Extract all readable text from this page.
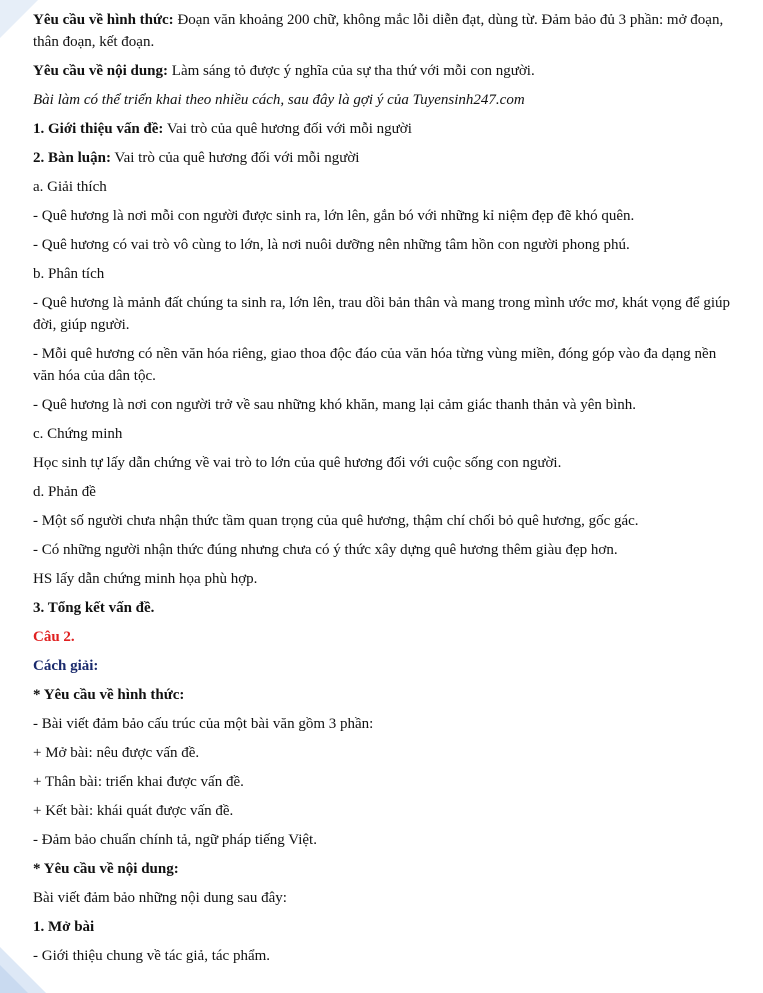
Yêu cầu về hình thức: Đoạn văn khoảng 200 chữ, không mắc lỗi diễn đạt, dùng từ. Đảm bảo đủ 3 phần: mở đoạn, thân đoạn, kết đoạn.

Yêu cầu về nội dung: Làm sáng tỏ được ý nghĩa của sự tha thứ với mỗi con người.

Bài làm có thể triển khai theo nhiều cách, sau đây là gợi ý của Tuyensinh247.com

1. Giới thiệu vấn đề: Vai trò của quê hương đối với mỗi người

2. Bàn luận: Vai trò của quê hương đối với mỗi người

a. Giải thích

- Quê hương là nơi mỗi con người được sinh ra, lớn lên, gắn bó với những kỉ niệm đẹp đẽ khó quên.

- Quê hương có vai trò vô cùng to lớn, là nơi nuôi dưỡng nên những tâm hồn con người phong phú.

b. Phân tích

- Quê hương là mảnh đất chúng ta sinh ra, lớn lên, trau dồi bản thân và mang trong mình ước mơ, khát vọng để giúp đời, giúp người.

- Mỗi quê hương có nền văn hóa riêng, giao thoa độc đáo của văn hóa từng vùng miền, đóng góp vào đa dạng nền văn hóa của dân tộc.

- Quê hương là nơi con người trở về sau những khó khăn, mang lại cảm giác thanh thản và yên bình.

c. Chứng minh

Học sinh tự lấy dẫn chứng về vai trò to lớn của quê hương đối với cuộc sống con người.

d. Phản đề

- Một số người chưa nhận thức tầm quan trọng của quê hương, thậm chí chối bỏ quê hương, gốc gác.

- Có những người nhận thức đúng nhưng chưa có ý thức xây dựng quê hương thêm giàu đẹp hơn.

HS lấy dẫn chứng minh họa phù hợp.

3. Tổng kết vấn đề.

Câu 2.

Cách giải:

* Yêu cầu về hình thức:

- Bài viết đảm bảo cấu trúc của một bài văn gồm 3 phần:

+ Mở bài: nêu được vấn đề.

+ Thân bài: triển khai được vấn đề.

+ Kết bài: khái quát được vấn đề.

- Đảm bảo chuẩn chính tả, ngữ pháp tiếng Việt.

* Yêu cầu về nội dung:

Bài viết đảm bảo những nội dung sau đây:

1. Mở bài

- Giới thiệu chung về tác giả, tác phẩm.
